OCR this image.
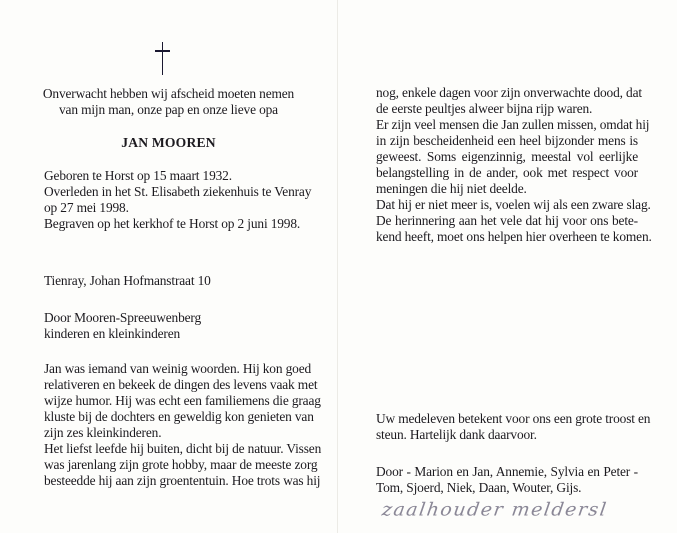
Onverwacht hebben wij afscheid moeten nemen
van mijn man, onze pap en onze lieve opa
JAN MOOREN
Geboren te Horst op 15 maart 1932.
Overleden in het St. Elisabeth ziekenhuis te Venray
op 27 mei 1998.
Begraven op het kerkhof te Horst op 2 juni 1998.
Tienray, Johan Hofmanstraat 10
Door Mooren-Spreeuwenberg
kinderen en kleinkinderen
Jan was iemand van weinig woorden. Hij kon goed
relativeren en bekeek de dingen des levens vaak met
wijze humor. Hij was echt een familiemens die graag
kluste bij de dochters en geweldig kon genieten van
zijn zes kleinkinderen.
Het liefst leefde hij buiten, dicht bij de natuur. Vissen
was jarenlang zijn grote hobby, maar de meeste zorg
besteedde hij aan zijn groententuin. Hoe trots was hij
nog, enkele dagen voor zijn onverwachte dood, dat
de eerste peultjes alweer bijna rijp waren.
Er zijn veel mensen die Jan zullen missen, omdat hij
in zijn bescheidenheid een heel bijzonder mens is
geweest. Soms eigenzinnig, meestal vol eerlijke
belangstelling in de ander, ook met respect voor
meningen die hij niet deelde.
Dat hij er niet meer is, voelen wij als een zware slag.
De herinnering aan het vele dat hij voor ons bete-
kend heeft, moet ons helpen hier overheen te komen.
Uw medeleven betekent voor ons een grote troost en
steun. Hartelijk dank daarvoor.
Door - Marion en Jan, Annemie, Sylvia en Peter -
Tom, Sjoerd, Niek, Daan, Wouter, Gijs.
zaalhouder meldersl
